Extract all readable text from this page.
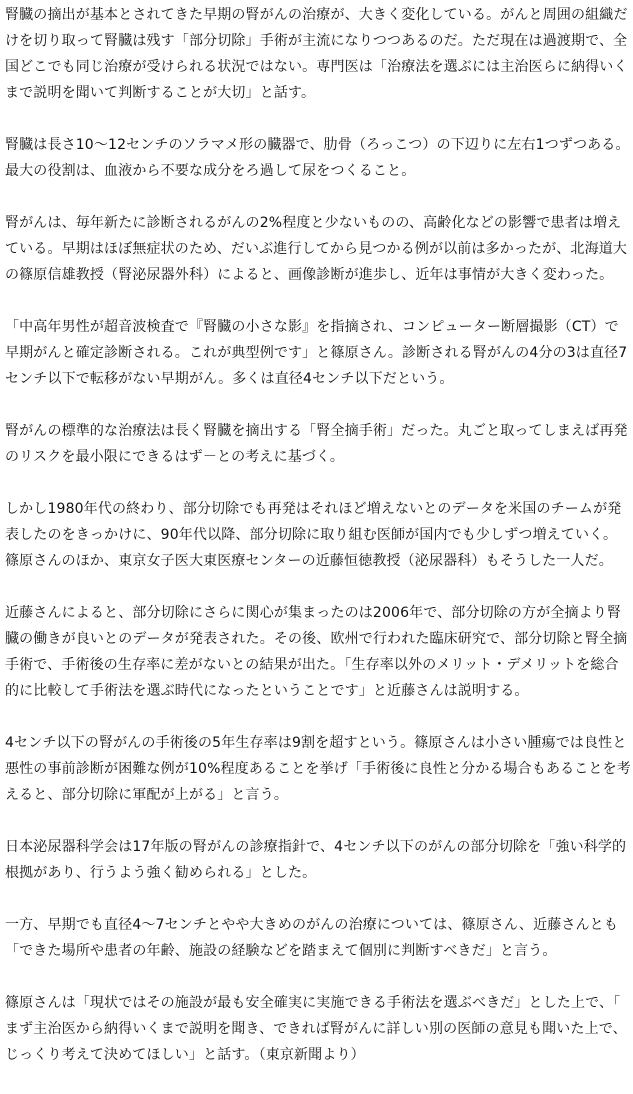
腎臓の摘出が基本とされてきた早期の腎がんの治療が、大きく変化している。がんと周囲の組織だけを切り取って腎臓は残す「部分切除」手術が主流になりつつあるのだ。ただ現在は過渡期で、全国どこでも同じ治療が受けられる状況ではない。専門医は「治療法を選ぶには主治医らに納得いくまで説明を聞いて判断することが大切」と話す。

腎臓は長さ10～12センチのソラマメ形の臓器で、肋骨（ろっこつ）の下辺りに左右1つずつある。最大の役割は、血液から不要な成分をろ過して尿をつくること。

腎がんは、毎年新たに診断されるがんの2%程度と少ないものの、高齢化などの影響で患者は増えている。早期はほぼ無症状のため、だいぶ進行してから見つかる例が以前は多かったが、北海道大の篠原信雄教授（腎泌尿器外科）によると、画像診断が進歩し、近年は事情が大きく変わった。

「中高年男性が超音波検査で『腎臓の小さな影』を指摘され、コンピューター断層撮影（CT）で早期がんと確定診断される。これが典型例です」と篠原さん。診断される腎がんの4分の3は直径7センチ以下で転移がない早期がん。多くは直径4センチ以下だという。

腎がんの標準的な治療法は長く腎臓を摘出する「腎全摘手術」だった。丸ごと取ってしまえば再発のリスクを最小限にできるはず－との考えに基づく。

しかし1980年代の終わり、部分切除でも再発はそれほど増えないとのデータを米国のチームが発表したのをきっかけに、90年代以降、部分切除に取り組む医師が国内でも少しずつ増えていく。篠原さんのほか、東京女子医大東医療センターの近藤恒徳教授（泌尿器科）もそうした一人だ。

近藤さんによると、部分切除にさらに関心が集まったのは2006年で、部分切除の方が全摘より腎臓の働きが良いとのデータが発表された。その後、欧州で行われた臨床研究で、部分切除と腎全摘手術で、手術後の生存率に差がないとの結果が出た。「生存率以外のメリット・デメリットを総合的に比較して手術法を選ぶ時代になったということです」と近藤さんは説明する。

4センチ以下の腎がんの手術後の5年生存率は9割を超すという。篠原さんは小さい腫瘍では良性と悪性の事前診断が困難な例が10%程度あることを挙げ「手術後に良性と分かる場合もあることを考えると、部分切除に軍配が上がる」と言う。

日本泌尿器科学会は17年版の腎がんの診療指針で、4センチ以下のがんの部分切除を「強い科学的根拠があり、行うよう強く勧められる」とした。

一方、早期でも直径4～7センチとやや大きめのがんの治療については、篠原さん、近藤さんとも「できた場所や患者の年齢、施設の経験などを踏まえて個別に判断すべきだ」と言う。

篠原さんは「現状ではその施設が最も安全確実に実施できる手術法を選ぶべきだ」とした上で、「まず主治医から納得いくまで説明を聞き、できれば腎がんに詳しい別の医師の意見も聞いた上で、じっくり考えて決めてほしい」と話す。（東京新聞より）
